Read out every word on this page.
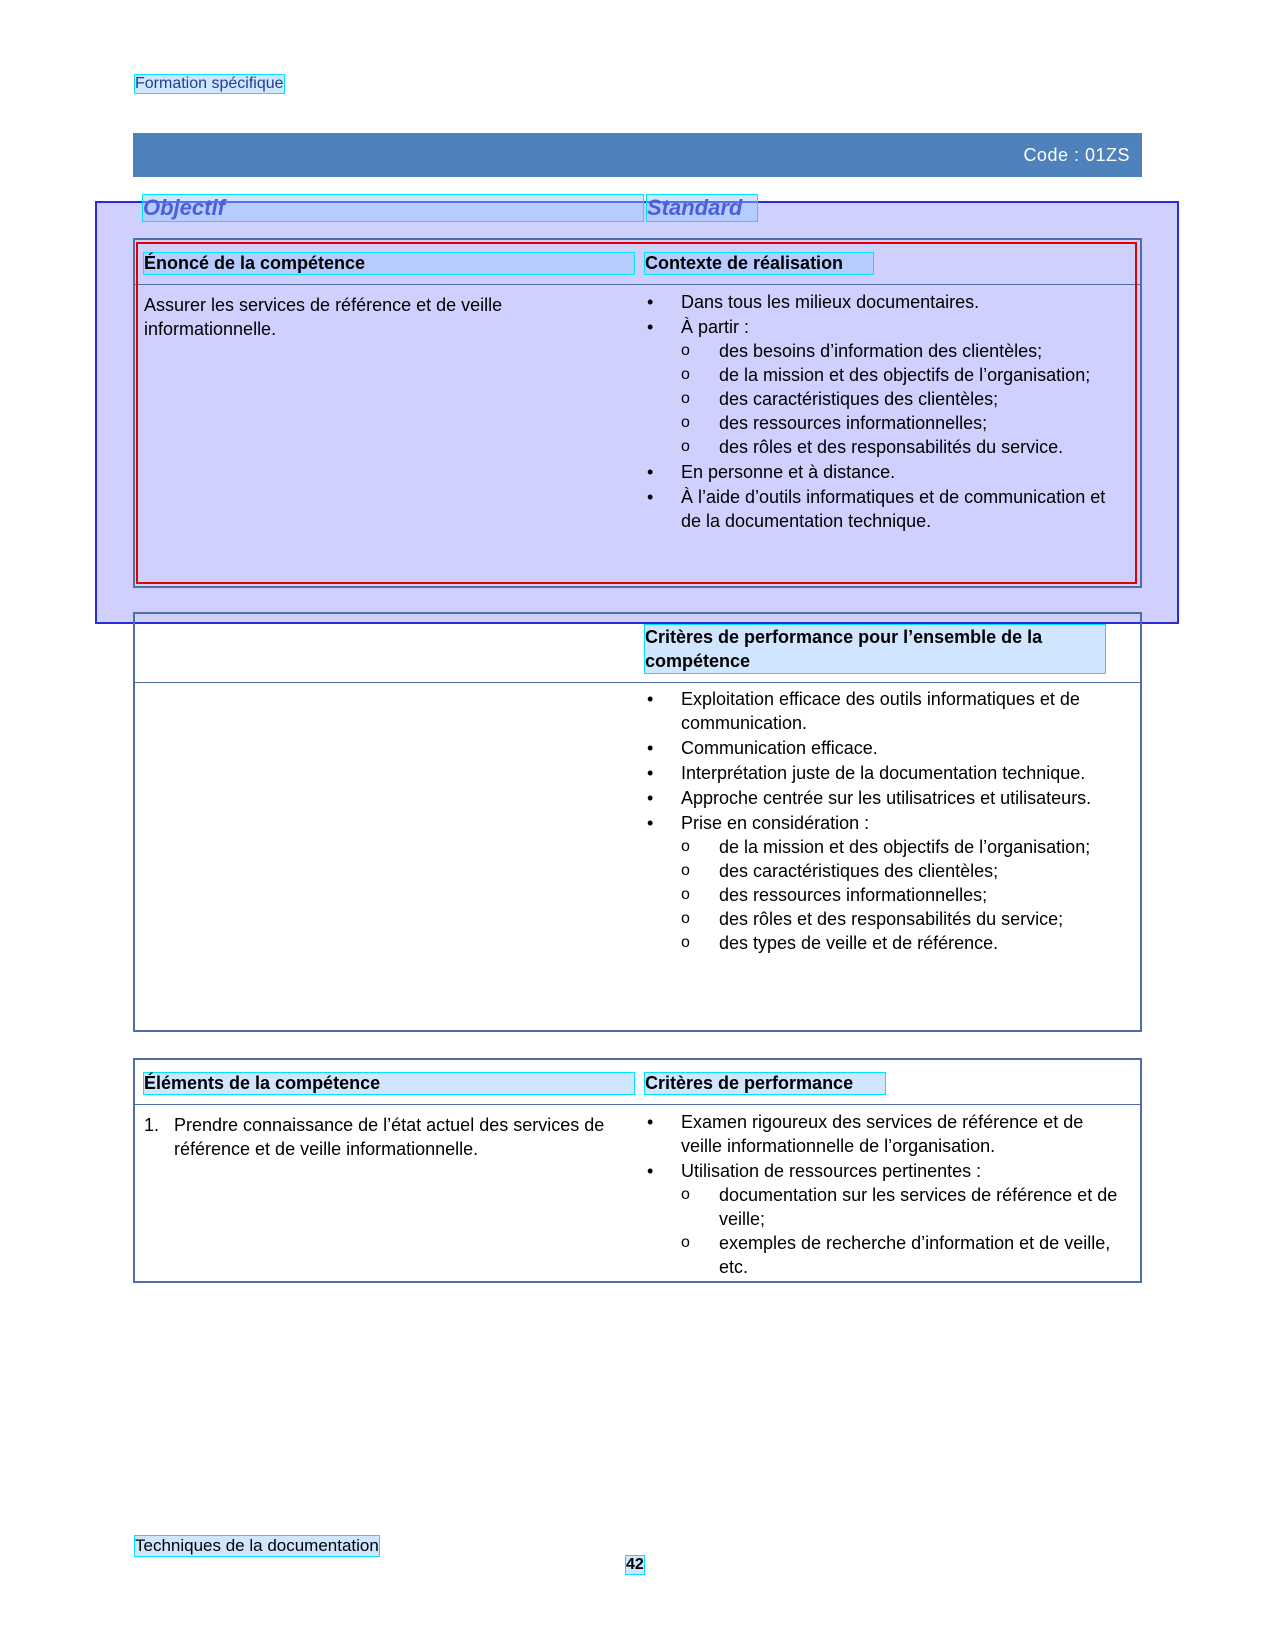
Formation spécifique
Code : 01ZS
Objectif	Standard
Énoncé de la compétence	Contexte de réalisation
Assurer les services de référence et de veille informationnelle.
• Dans tous les milieux documentaires.
• À partir :
o des besoins d’information des clientèles;
o de la mission et des objectifs de l’organisation;
o des caractéristiques des clientèles;
o des ressources informationnelles;
o des rôles et des responsabilités du service.
• En personne et à distance.
• À l’aide d’outils informatiques et de communication et de la documentation technique.
Critères de performance pour l’ensemble de la compétence
• Exploitation efficace des outils informatiques et de communication.
• Communication efficace.
• Interprétation juste de la documentation technique.
• Approche centrée sur les utilisatrices et utilisateurs.
• Prise en considération :
o de la mission et des objectifs de l’organisation;
o des caractéristiques des clientèles;
o des ressources informationnelles;
o des rôles et des responsabilités du service;
o des types de veille et de référence.
Éléments de la compétence	Critères de performance
1. Prendre connaissance de l’état actuel des services de référence et de veille informationnelle.
• Examen rigoureux des services de référence et de veille informationnelle de l’organisation.
• Utilisation de ressources pertinentes :
o documentation sur les services de référence et de veille;
o exemples de recherche d’information et de veille, etc.
Techniques de la documentation
42
